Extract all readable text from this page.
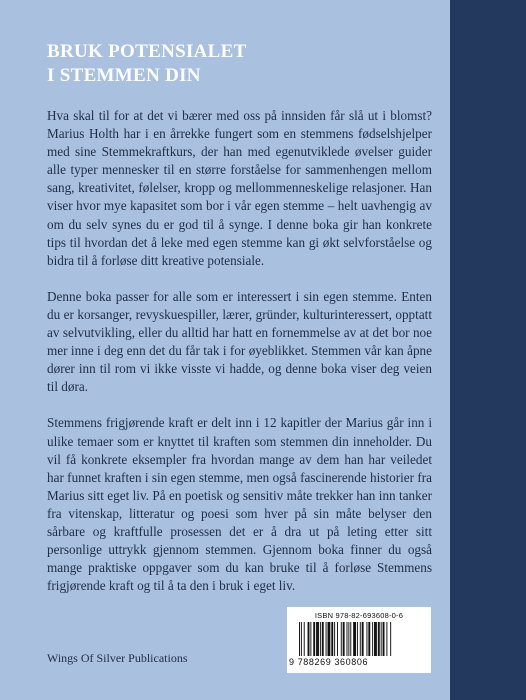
BRUK POTENSIALET
I STEMMEN DIN

Hva skal til for at det vi bærer med oss på innsiden får slå ut i blomst? Marius Holth har i en årrekke fungert som en stemmens fødselshjelper med sine Stemmekraftkurs, der han med egenutviklede øvelser guider alle typer mennesker til en større forståelse for sammenhengen mellom sang, kreativitet, følelser, kropp og mellommenneskelige relasjoner. Han viser hvor mye kapasitet som bor i vår egen stemme – helt uavhengig av om du selv synes du er god til å synge. I denne boka gir han konkrete tips til hvordan det å leke med egen stemme kan gi økt selvforståelse og bidra til å forløse ditt kreative potensiale.

Denne boka passer for alle som er interessert i sin egen stemme. Enten du er korsanger, revyskuespiller, lærer, gründer, kulturinteressert, opptatt av selvutvikling, eller du alltid har hatt en fornemmelse av at det bor noe mer inne i deg enn det du får tak i for øyeblikket. Stemmen vår kan åpne dører inn til rom vi ikke visste vi hadde, og denne boka viser deg veien til døra.

Stemmens frigjørende kraft er delt inn i 12 kapitler der Marius går inn i ulike temaer som er knyttet til kraften som stemmen din inneholder. Du vil få konkrete eksempler fra hvordan mange av dem han har veiledet har funnet kraften i sin egen stemme, men også fascinerende historier fra Marius sitt eget liv. På en poetisk og sensitiv måte trekker han inn tanker fra vitenskap, litteratur og poesi som hver på sin måte belyser den sårbare og kraftfulle prosessen det er å dra ut på leting etter sitt personlige uttrykk gjennom stemmen. Gjennom boka finner du også mange praktiske oppgaver som du kan bruke til å forløse Stemmens frigjørende kraft og til å ta den i bruk i eget liv.

Wings Of Silver Publications
ISBN 978-82-693608-0-6
9 788269 360806
